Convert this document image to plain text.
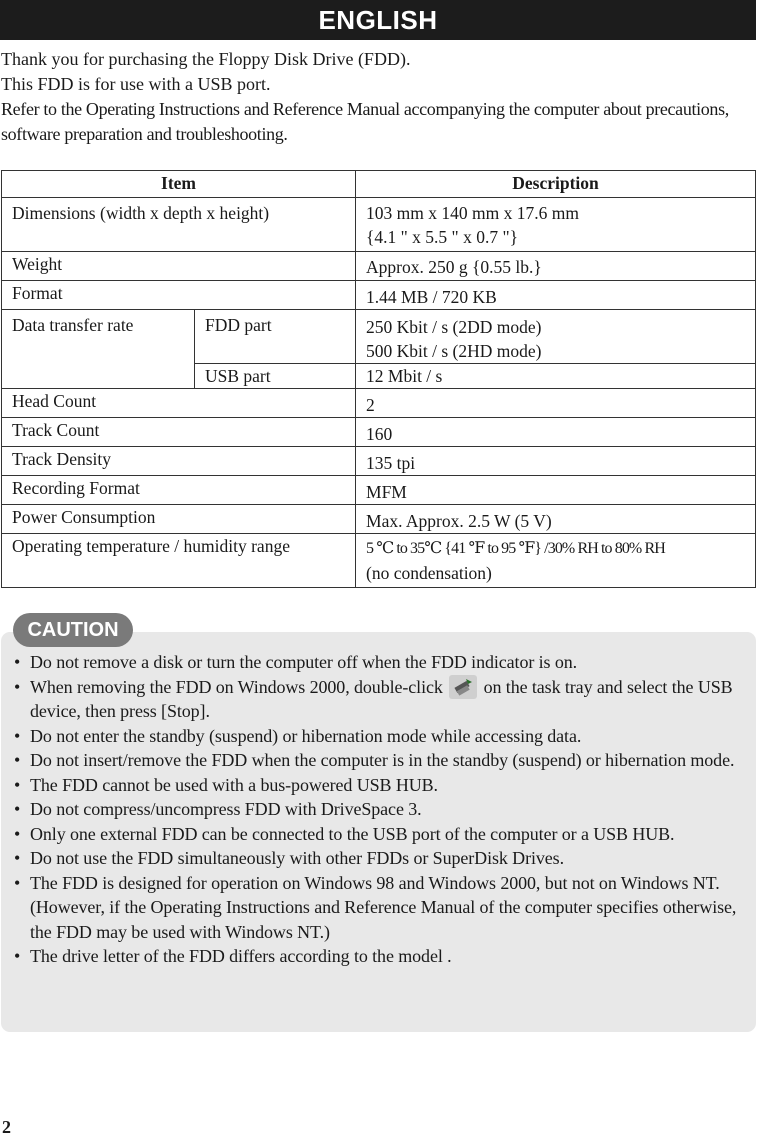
ENGLISH
Thank you for purchasing the Floppy Disk Drive (FDD).
This FDD is for use with a USB port.
Refer to the Operating Instructions and Reference Manual accompanying the computer about precautions, software preparation and troubleshooting.
Item		Description
Dimensions (width x depth x height)		103 mm x 140 mm x 17.6 mm
{4.1 " x 5.5 " x 0.7 "}

Weight		Approx. 250 g {0.55 lb.}
Format		1.44 MB / 720 KB
Data transfer rate	FDD part	250 Kbit / s (2DD mode)
500 Kbit / s (2HD mode)

	USB part	12 Mbit / s
Head Count		2
Track Count		160
Track Density		135 tpi
Recording Format		MFM
Power Consumption		Max. Approx. 2.5 W (5 V)
Operating temperature / humidity range		5 ℃ to 35℃ {41 ℉ to 95 ℉} /30% RH to 80% RH
(no condensation)
CAUTION
• Do not remove a disk or turn the computer off when the FDD indicator is on.
• When removing the FDD on Windows 2000, double-click on the task tray and select the USB device, then press [Stop].
• Do not enter the standby (suspend) or hibernation mode while accessing data.
• Do not insert/remove the FDD when the computer is in the standby (suspend) or hibernation mode.
• The FDD cannot be used with a bus-powered USB HUB.
• Do not compress/uncompress FDD with DriveSpace 3.
• Only one external FDD can be connected to the USB port of the computer or a USB HUB.
• Do not use the FDD simultaneously with other FDDs or SuperDisk Drives.
• The FDD is designed for operation on Windows 98 and Windows 2000, but not on Windows NT. (However, if the Operating Instructions and Reference Manual of the computer specifies otherwise, the FDD may be used with Windows NT.)
• The drive letter of the FDD differs according to the model .
2
